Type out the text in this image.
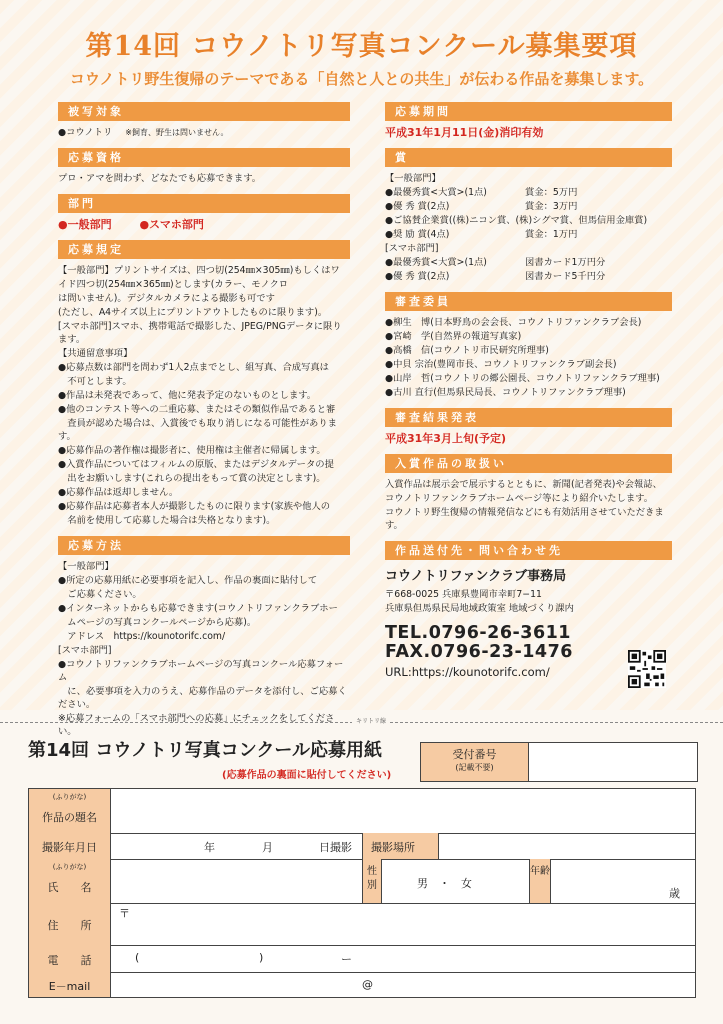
第14回 コウノトリ写真コンクール募集要項
コウノトリ野生復帰のテーマである「自然と人との共生」が伝わる作品を募集します。
被写対象
●コウノトリ ※飼育、野生は問いません。
応募資格
プロ・アマを問わず、どなたでも応募できます。
部門
●一般部門	●スマホ部門
応募規定
【一般部門】プリントサイズは、四つ切(254㎜×305㎜)もしくはワ
イド四つ切(254㎜×365㎜)とします(カラー、モノクロ
は問いません)。デジタルカメラによる撮影も可です
(ただし、A4サイズ以上にプリントアウトしたものに限ります)。
[スマホ部門]スマホ、携帯電話で撮影した、JPEG/PNGデータに限ります。
【共通留意事項】
●応募点数は部門を問わず1人2点までとし、組写真、合成写真は
　不可とします。
●作品は未発表であって、他に発表予定のないものとします。
●他のコンテスト等への二重応募、またはその類似作品であると審
　査員が認めた場合は、入賞後でも取り消しになる可能性があります。
●応募作品の著作権は撮影者に、使用権は主催者に帰属します。
●入賞作品についてはフィルムの原版、またはデジタルデータの提
　出をお願いします(これらの提出をもって賞の決定とします)。
●応募作品は返却しません。
●応募作品は応募者本人が撮影したものに限ります(家族や他人の
　名前を使用して応募した場合は失格となります)。
応募方法
【一般部門】
●所定の応募用紙に必要事項を記入し、作品の裏面に貼付して
　ご応募ください。
●インターネットからも応募できます(コウノトリファンクラブホー
　ムページの写真コンクールページから応募)。
　アドレス　https://kounotorifc.com/
[スマホ部門]
●コウノトリファンクラブホームページの写真コンクール応募フォーム
　に、必要事項を入力のうえ、応募作品のデータを添付し、ご応募ください。
※応募フォームの「スマホ部門への応募」にチェックをしてください。
応募期間
平成31年1月11日(金)消印有効
賞
【一般部門】
●最優秀賞<大賞>(1点)	賞金：5万円
●優 秀 賞(2点)	賞金：3万円
●ご協賛企業賞((株)ニコン賞、(株)シグマ賞、但馬信用金庫賞)
●奨 励 賞(4点)	賞金：1万円
[スマホ部門]
●最優秀賞<大賞>(1点)	図書カード1万円分
●優 秀 賞(2点)	図書カード5千円分
審査委員
●柳生　博(日本野鳥の会会長、コウノトリファンクラブ会長)
●宮崎　学(自然界の報道写真家)
●高橋　信(コウノトリ市民研究所理事)
●中貝 宗治(豊岡市長、コウノトリファンクラブ副会長)
●山岸　哲(コウノトリの郷公園長、コウノトリファンクラブ理事)
●古川 直行(但馬県民局長、コウノトリファンクラブ理事)
審査結果発表
平成31年3月上旬(予定)
入賞作品の取扱い
入賞作品は展示会で展示するとともに、新聞(記者発表)や会報誌、
コウノトリファンクラブホームページ等により紹介いたします。
コウノトリ野生復帰の情報発信などにも有効活用させていただきます。
作品送付先・問い合わせ先
コウノトリファンクラブ事務局
〒668-0025 兵庫県豊岡市幸町7−11
兵庫県但馬県民局地域政策室 地域づくり課内
TEL.0796-26-3611
FAX.0796-23-1476
URL:https://kounotorifc.com/
キリトリ線
第14回 コウノトリ写真コンクール応募用紙
(応募作品の裏面に貼付してください)
受付番号
(記載不要)
(ふりがな)
作品の題名
撮影年月日	年	月	日撮影 撮影場所
(ふりがな)
氏　　名
性別	男　・　女
年齢
歳
住　　所
〒
電　　話	(	)	ー
E－mail	@
